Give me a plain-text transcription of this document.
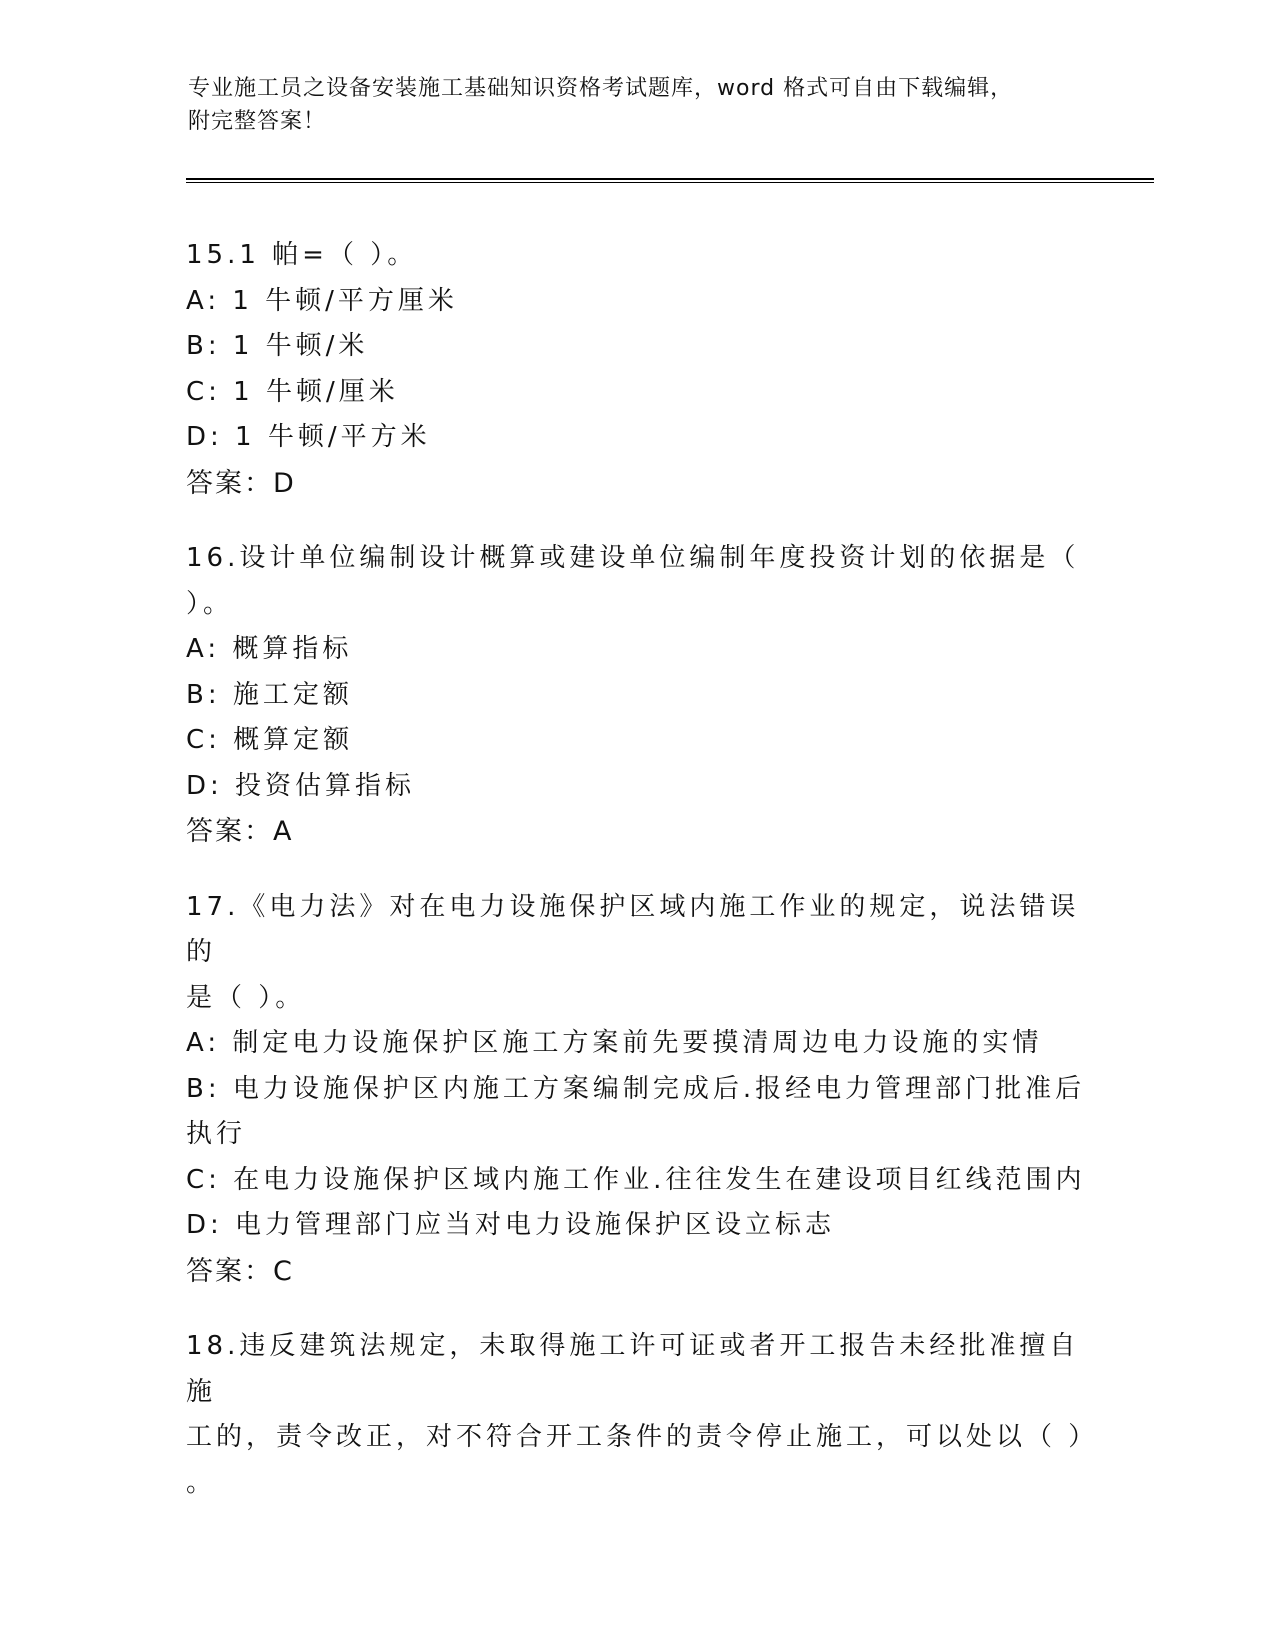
专业施工员之设备安装施工基础知识资格考试题库，word 格式可自由下载编辑，
附完整答案！

15.1 帕=（ ）。

A: 1 牛顿/平方厘米

B: 1 牛顿/米

C: 1 牛顿/厘米

D: 1 牛顿/平方米

答案：D

16.设计单位编制设计概算或建设单位编制年度投资计划的依据是（

）。

A: 概算指标

B: 施工定额

C: 概算定额

D: 投资估算指标

答案：A

17.《电力法》对在电力设施保护区域内施工作业的规定，说法错误的

是（ ）。

A: 制定电力设施保护区施工方案前先要摸清周边电力设施的实情

B: 电力设施保护区内施工方案编制完成后.报经电力管理部门批准后

执行

C: 在电力设施保护区域内施工作业.往往发生在建设项目红线范围内

D: 电力管理部门应当对电力设施保护区设立标志

答案：C

18.违反建筑法规定，未取得施工许可证或者开工报告未经批准擅自施

工的，责令改正，对不符合开工条件的责令停止施工，可以处以（ ）

。
